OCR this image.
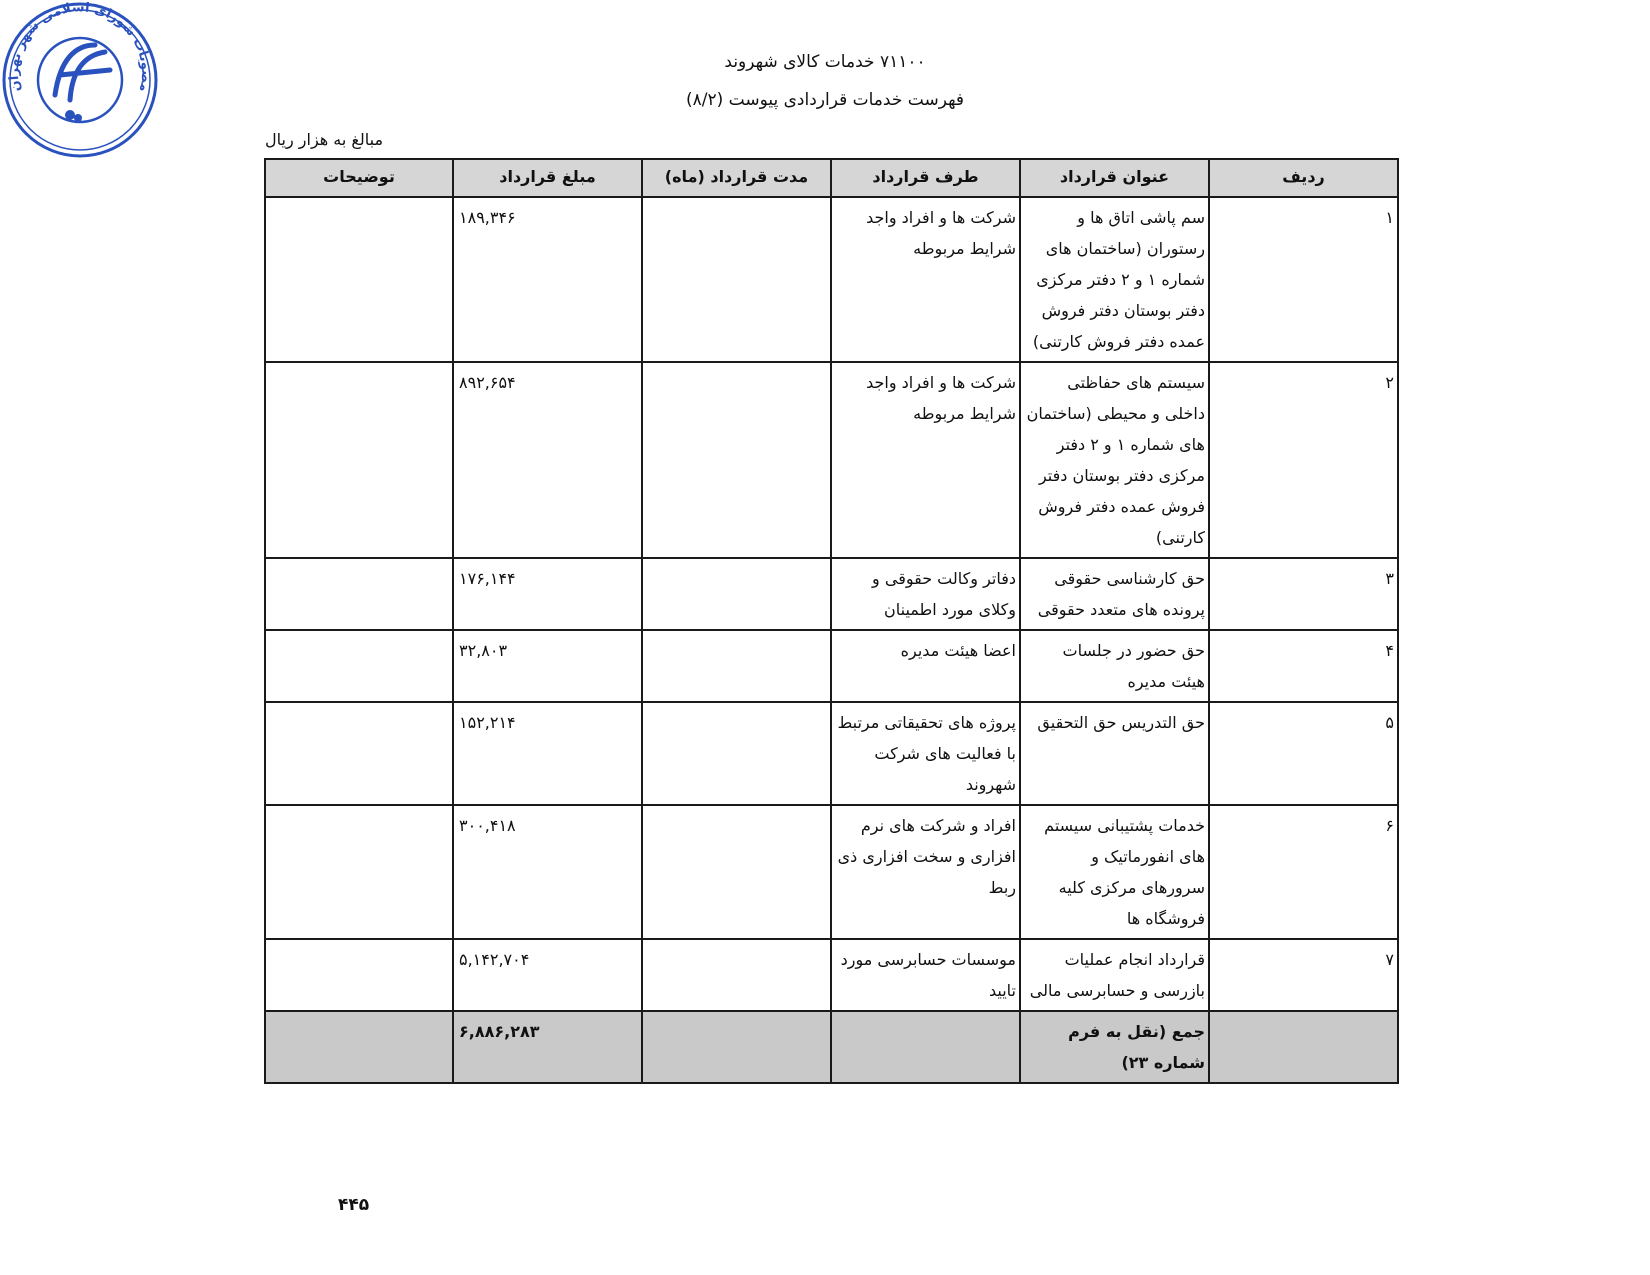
مصوبات شورای اسلامی شهر تهران
۷۱۱۰۰ خدمات کالای شهروند
فهرست خدمات قراردادی پیوست (۸/۲)
مبالغ به هزار ریال
ردیف	عنوان قرارداد	طرف قرارداد	مدت قرارداد (ماه)	مبلغ قرارداد	توضیحات
۱	سم پاشی اتاق ها و رستوران (ساختمان های شماره ۱ و ۲ دفتر مرکزی دفتر بوستان دفتر فروش عمده دفتر فروش کارتنی)	شرکت ها و افراد واجد شرایط مربوطه		۱۸۹,۳۴۶	

۲	سیستم های حفاظتی داخلی و محیطی (ساختمان های شماره ۱ و ۲ دفتر مرکزی دفتر بوستان دفتر فروش عمده دفتر فروش کارتنی)	شرکت ها و افراد واجد شرایط مربوطه		۸۹۲,۶۵۴	

۳	حق کارشناسی حقوقی پرونده های متعدد حقوقی	دفاتر وکالت حقوقی و وکلای مورد اطمینان		۱۷۶,۱۴۴	

۴	حق حضور در جلسات هیئت مدیره	اعضا هیئت مدیره		۳۲,۸۰۳	

۵	حق التدریس حق التحقیق	پروژه های تحقیقاتی مرتبط با فعالیت های شرکت شهروند		۱۵۲,۲۱۴	

۶	خدمات پشتیبانی سیستم های انفورماتیک و سرورهای مرکزی کلیه فروشگاه ها	افراد و شرکت های نرم افزاری و سخت افزاری ذی ربط		۳۰۰,۴۱۸	

۷	قرارداد انجام عملیات بازرسی و حسابرسی مالی	موسسات حسابرسی مورد تایید		۵,۱۴۲,۷۰۴	

	جمع (نقل به فرم شماره ۲۳)			۶,۸۸۶,۲۸۳	

۴۴۵
